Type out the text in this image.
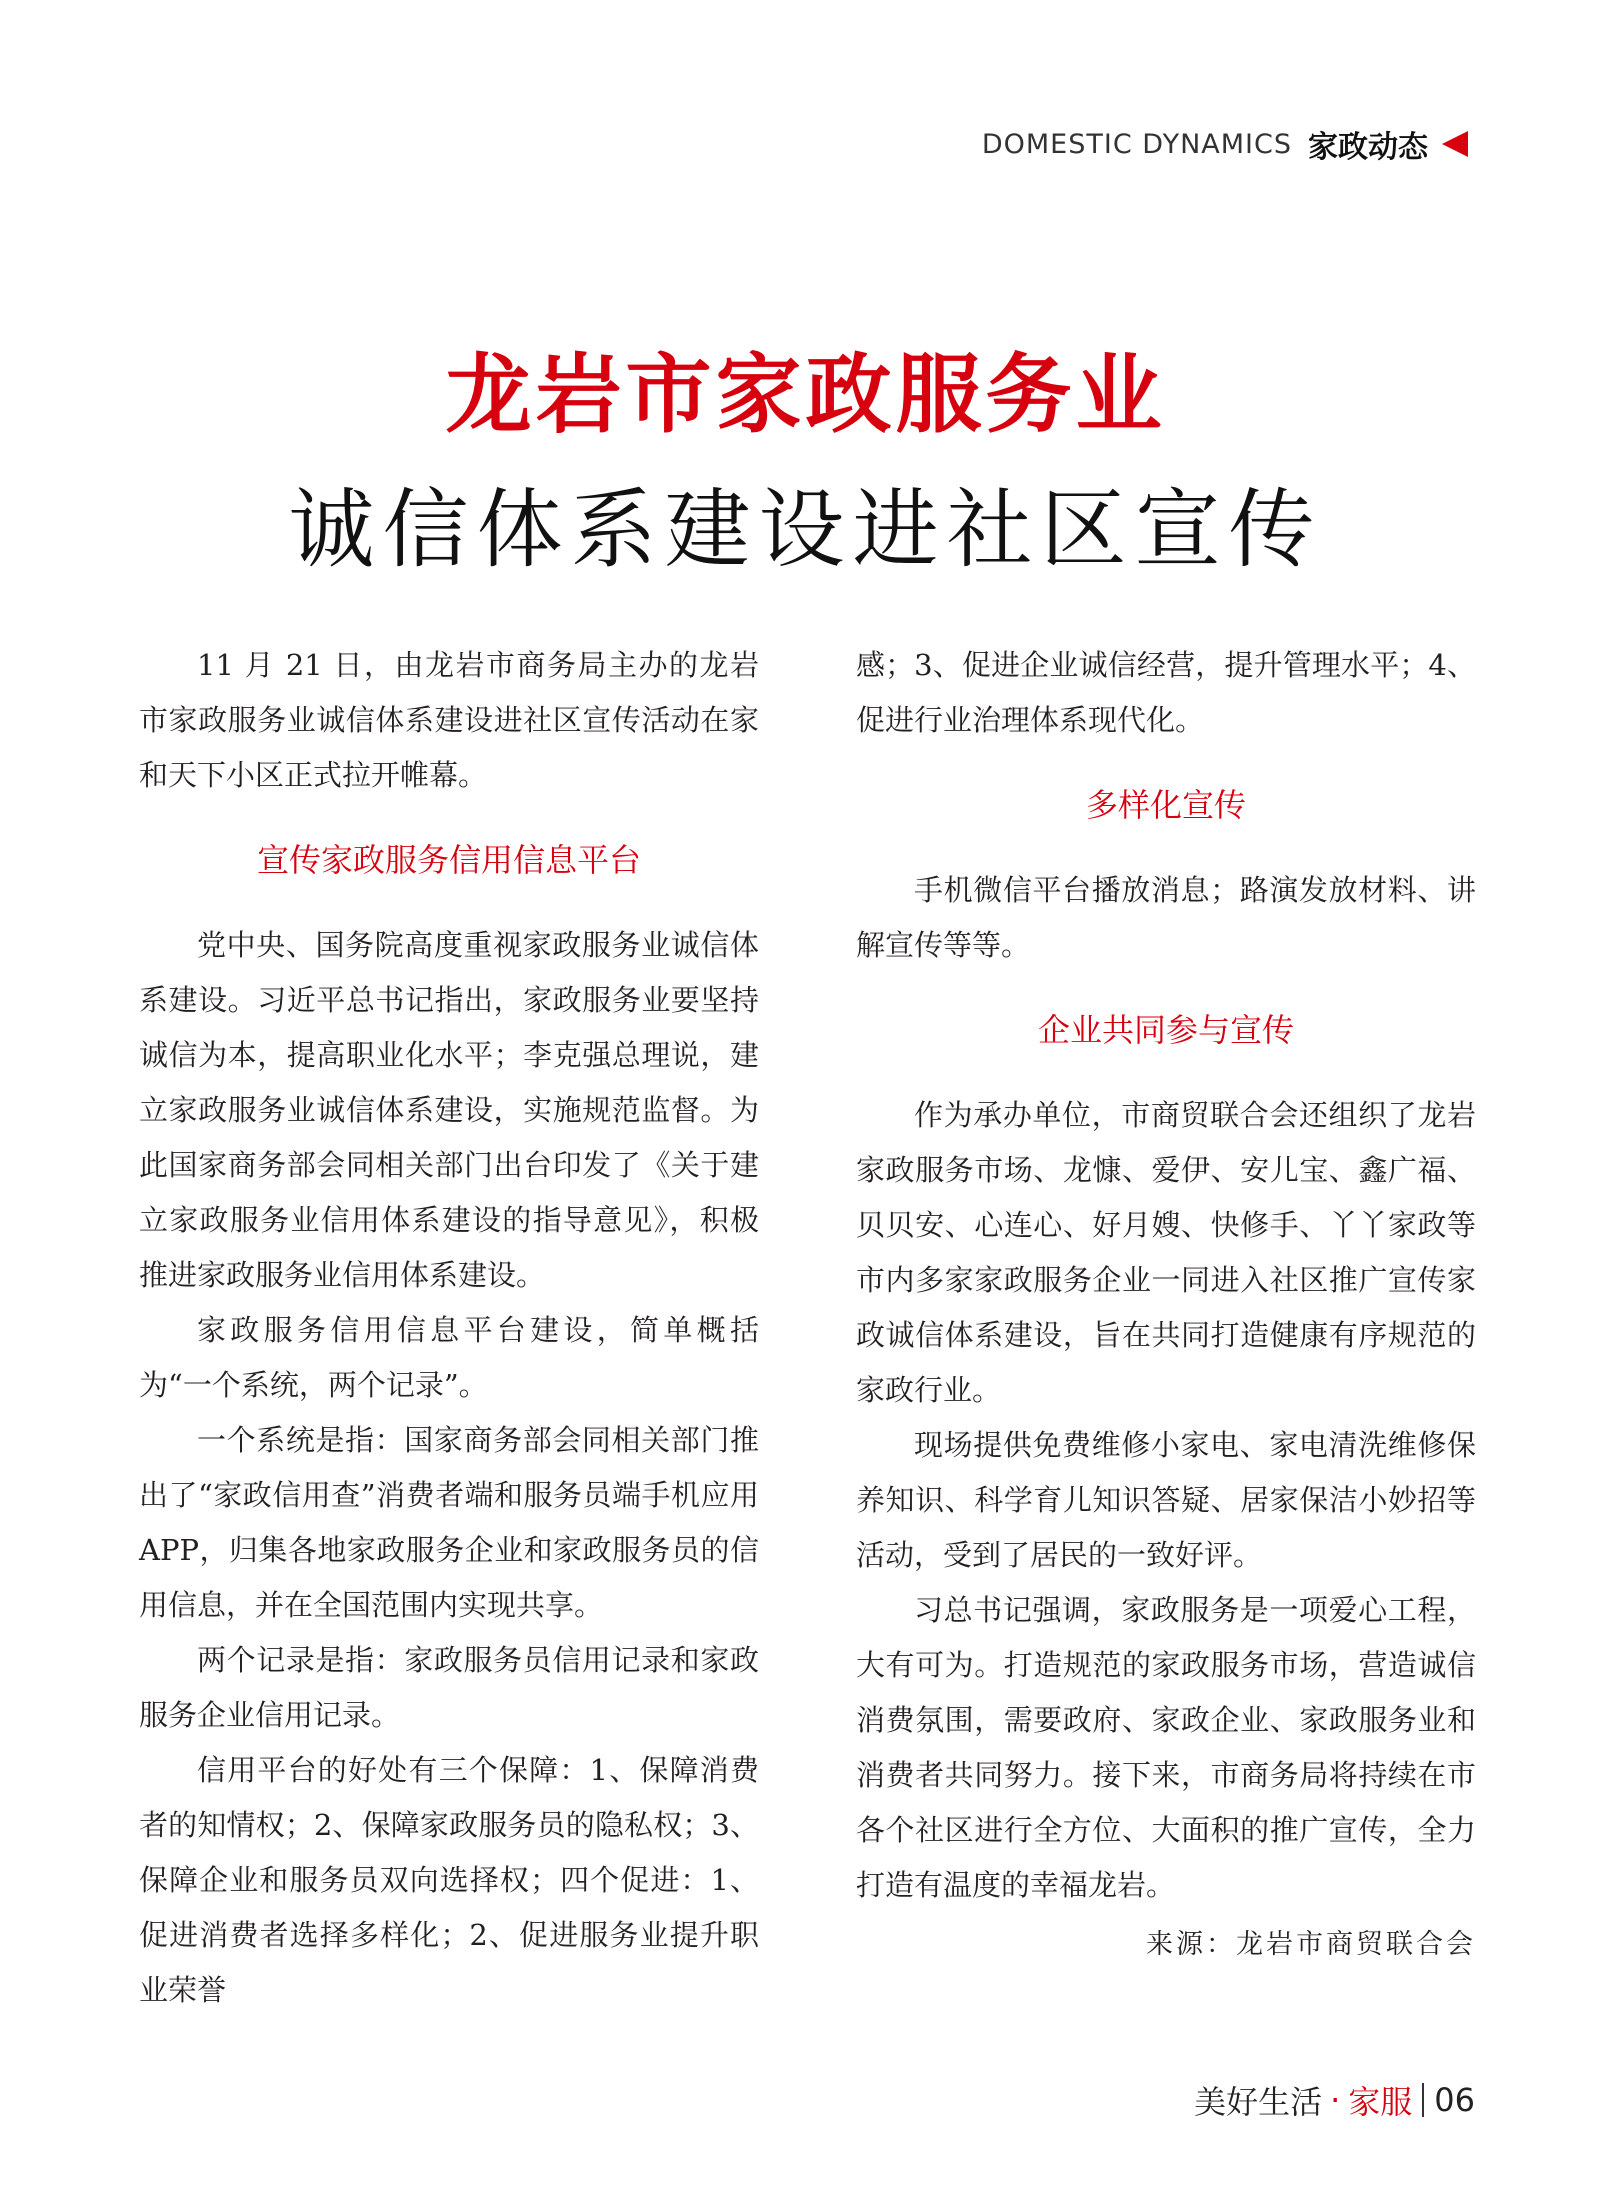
DOMESTIC DYNAMICS 家政动态
龙岩市家政服务业
诚信体系建设进社区宣传

11 月 21 日，由龙岩市商务局主办的龙岩市家政服务业诚信体系建设进社区宣传活动在家和天下小区正式拉开帷幕。

宣传家政服务信用信息平台

党中央、国务院高度重视家政服务业诚信体系建设。习近平总书记指出，家政服务业要坚持诚信为本，提高职业化水平；李克强总理说，建立家政服务业诚信体系建设，实施规范监督。为此国家商务部会同相关部门出台印发了《关于建立家政服务业信用体系建设的指导意见》，积极推进家政服务业信用体系建设。

家政服务信用信息平台建设，简单概括为“一个系统，两个记录”。

一个系统是指：国家商务部会同相关部门推出了“家政信用查”消费者端和服务员端手机应用 APP，归集各地家政服务企业和家政服务员的信用信息，并在全国范围内实现共享。

两个记录是指：家政服务员信用记录和家政服务企业信用记录。

信用平台的好处有三个保障：1、保障消费者的知情权；2、保障家政服务员的隐私权；3、保障企业和服务员双向选择权；四个促进：1、促进消费者选择多样化；2、促进服务业提升职业荣誉

感；3、促进企业诚信经营，提升管理水平；4、促进行业治理体系现代化。

多样化宣传

手机微信平台播放消息；路演发放材料、讲解宣传等等。

企业共同参与宣传

作为承办单位，市商贸联合会还组织了龙岩家政服务市场、龙慷、爱伊、安儿宝、鑫广福、贝贝安、心连心、好月嫂、快修手、丫丫家政等市内多家家政服务企业一同进入社区推广宣传家政诚信体系建设，旨在共同打造健康有序规范的家政行业。

现场提供免费维修小家电、家电清洗维修保养知识、科学育儿知识答疑、居家保洁小妙招等活动，受到了居民的一致好评。

习总书记强调，家政服务是一项爱心工程，大有可为。打造规范的家政服务市场，营造诚信消费氛围，需要政府、家政企业、家政服务业和消费者共同努力。接下来，市商务局将持续在市各个社区进行全方位、大面积的推广宣传，全力打造有温度的幸福龙岩。

来源：龙岩市商贸联合会
美好生活 · 家服 06
